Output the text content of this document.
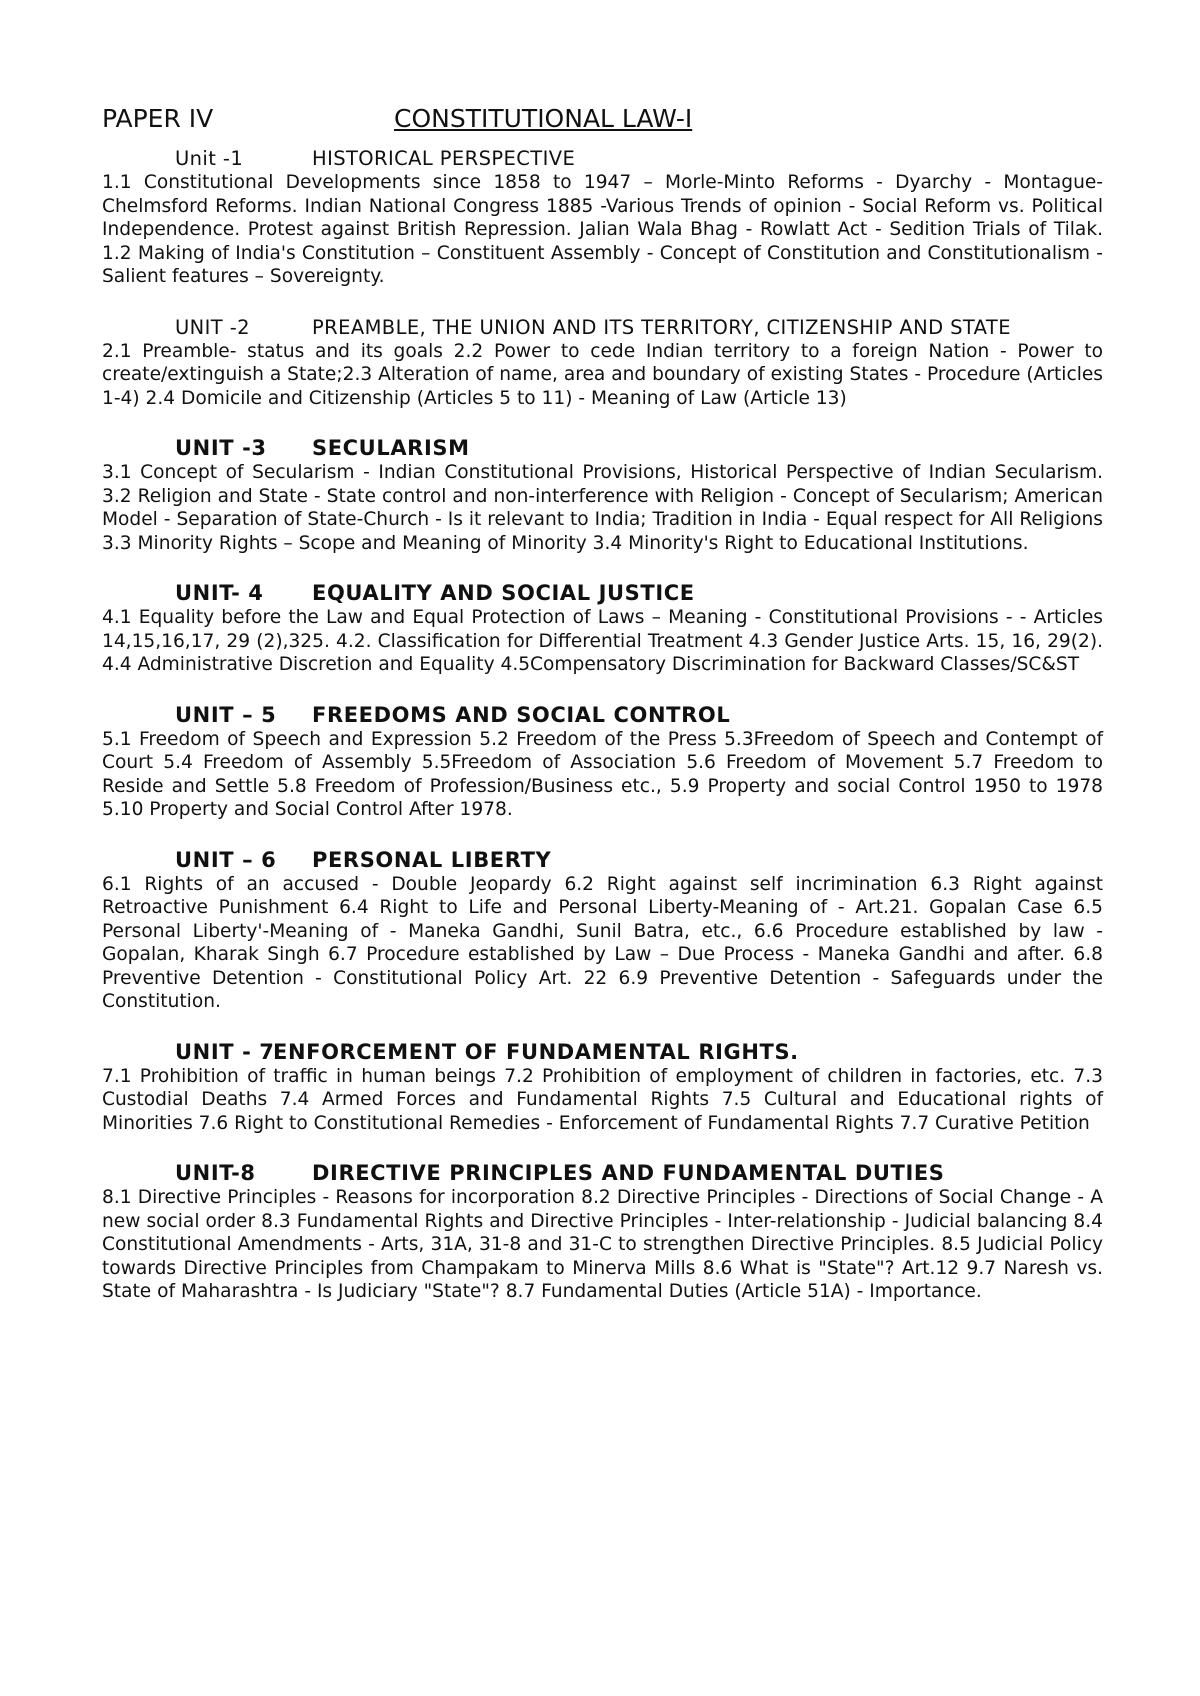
PAPER IV	CONSTITUTIONAL LAW-I
Unit -1	HISTORICAL PERSPECTIVE

1.1 Constitutional Developments since 1858 to 1947 – Morle-Minto Reforms - Dyarchy - Montague-Chelmsford Reforms. Indian National Congress 1885 -Various Trends of opinion - Social Reform vs. Political Independence. Protest against British Repression. Jalian Wala Bhag - Rowlatt Act - Sedition Trials of Tilak. 1.2 Making of India's Constitution – Constituent Assembly - Concept of Constitution and Constitutionalism - Salient features – Sovereignty.

UNIT -2	PREAMBLE, THE UNION AND ITS TERRITORY, CITIZENSHIP AND STATE

2.1 Preamble- status and its goals 2.2 Power to cede Indian territory to a foreign Nation - Power to create/extinguish a State;2.3 Alteration of name, area and boundary of existing States - Procedure (Articles 1-4) 2.4 Domicile and Citizenship (Articles 5 to 11) - Meaning of Law (Article 13)

UNIT -3	SECULARISM

3.1 Concept of Secularism - Indian Constitutional Provisions, Historical Perspective of Indian Secularism. 3.2 Religion and State - State control and non-interference with Religion - Concept of Secularism; American Model - Separation of State-Church - Is it relevant to India; Tradition in India - Equal respect for All Religions 3.3 Minority Rights – Scope and Meaning of Minority 3.4 Minority's Right to Educational Institutions.

UNIT- 4	EQUALITY AND SOCIAL JUSTICE

4.1 Equality before the Law and Equal Protection of Laws – Meaning - Constitutional Provisions - - Articles 14,15,16,17, 29 (2),325. 4.2. Classification for Differential Treatment 4.3 Gender Justice Arts. 15, 16, 29(2). 4.4 Administrative Discretion and Equality 4.5Compensatory Discrimination for Backward Classes/SC&ST

UNIT – 5	FREEDOMS AND SOCIAL CONTROL

5.1 Freedom of Speech and Expression 5.2 Freedom of the Press 5.3Freedom of Speech and Contempt of Court 5.4 Freedom of Assembly 5.5Freedom of Association 5.6 Freedom of Movement 5.7 Freedom to Reside and Settle 5.8 Freedom of Profession/Business etc., 5.9 Property and social Control 1950 to 1978 5.10 Property and Social Control After 1978.

UNIT – 6	PERSONAL LIBERTY

6.1 Rights of an accused - Double Jeopardy 6.2 Right against self incrimination 6.3 Right against Retroactive Punishment 6.4 Right to Life and Personal Liberty-Meaning of - Art.21. Gopalan Case 6.5 Personal Liberty'-Meaning of - Maneka Gandhi, Sunil Batra, etc., 6.6 Procedure established by law - Gopalan, Kharak Singh 6.7 Procedure established by Law – Due Process - Maneka Gandhi and after. 6.8 Preventive Detention - Constitutional Policy Art. 22 6.9 Preventive Detention - Safeguards under the Constitution.

UNIT - 7
ENFORCEMENT OF FUNDAMENTAL RIGHTS.

7.1 Prohibition of traffic in human beings 7.2 Prohibition of employment of children in factories, etc. 7.3 Custodial Deaths 7.4 Armed Forces and Fundamental Rights 7.5 Cultural and Educational rights of Minorities 7.6 Right to Constitutional Remedies - Enforcement of Fundamental Rights 7.7 Curative Petition

UNIT-8	DIRECTIVE PRINCIPLES AND FUNDAMENTAL DUTIES

8.1 Directive Principles - Reasons for incorporation 8.2 Directive Principles - Directions of Social Change - A new social order 8.3 Fundamental Rights and Directive Principles - Inter-relationship - Judicial balancing 8.4 Constitutional Amendments - Arts, 31A, 31-8 and 31-C to strengthen Directive Principles. 8.5 Judicial Policy towards Directive Principles from Champakam to Minerva Mills 8.6 What is "State"? Art.12 9.7 Naresh vs. State of Maharashtra - Is Judiciary "State"? 8.7 Fundamental Duties (Article 51A) - Importance.
